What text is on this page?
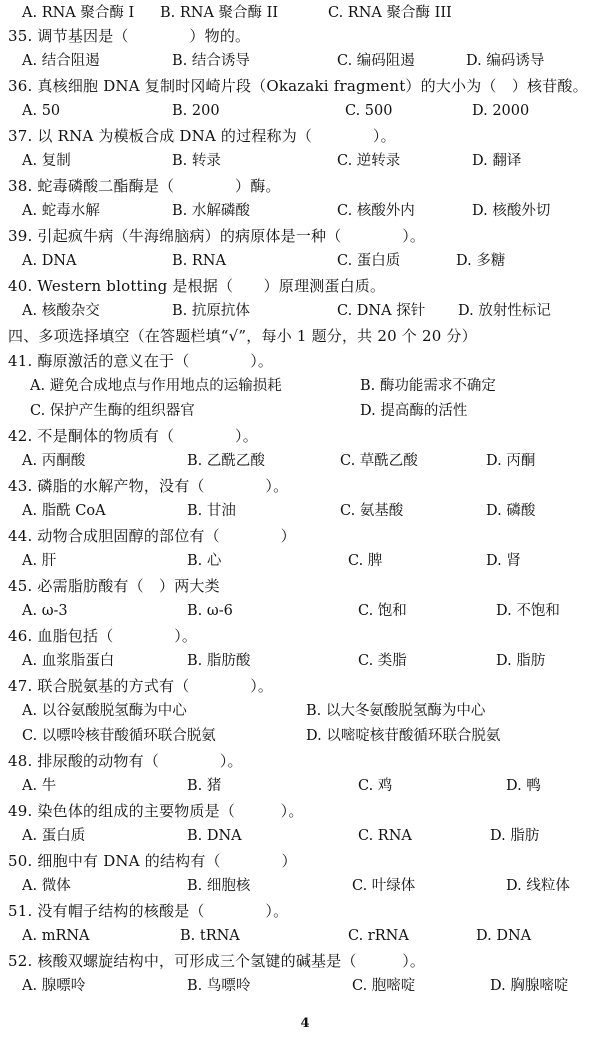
A. RNA 聚合酶 I B. RNA 聚合酶 II	C. RNA 聚合酶 III
35. 调节基因是（　　　　）物的。
A. 结合阻遏	B. 结合诱导	C. 编码阻遏	D. 编码诱导
36. 真核细胞 DNA 复制时冈崎片段（Okazaki fragment）的大小为（　）核苷酸。
A. 50	B. 200	C. 500	D. 2000
37. 以 RNA 为模板合成 DNA 的过程称为（　　　　）。
A. 复制	B. 转录	C. 逆转录	D. 翻译
38. 蛇毒磷酸二酯酶是（　　　　）酶。
A. 蛇毒水解	B. 水解磷酸	C. 核酸外内	D. 核酸外切
39. 引起疯牛病（牛海绵脑病）的病原体是一种（　　　　）。
A. DNA	B. RNA	C. 蛋白质	D. 多糖
40. Western blotting 是根据（　　）原理测蛋白质。
A. 核酸杂交	B. 抗原抗体	C. DNA 探针 D. 放射性标记
四、多项选择填空（在答题栏填“√”，每小 1 题分，共 20 个 20 分）
41. 酶原激活的意义在于（　　　　）。
A. 避免合成地点与作用地点的运输损耗	B. 酶功能需求不确定
C. 保护产生酶的组织器官	D. 提高酶的活性
42. 不是酮体的物质有（　　　　）。
A. 丙酮酸	B. 乙酰乙酸	C. 草酰乙酸	D. 丙酮
43. 磷脂的水解产物，没有（　　　　）。
A. 脂酰 CoA	B. 甘油	C. 氨基酸	D. 磷酸
44. 动物合成胆固醇的部位有（　　　　）
A. 肝	B. 心	C. 脾	D. 肾
45. 必需脂肪酸有（　）两大类
A. ω-3	B. ω-6	C. 饱和	D. 不饱和
46. 血脂包括（　　　　）。
A. 血浆脂蛋白	B. 脂肪酸	C. 类脂	D. 脂肪
47. 联合脱氨基的方式有（　　　　）。
A. 以谷氨酸脱氢酶为中心	B. 以大冬氨酸脱氢酶为中心
C. 以嘌呤核苷酸循环联合脱氨	D. 以嘧啶核苷酸循环联合脱氨
48. 排尿酸的动物有（　　　　）。
A. 牛	B. 猪	C. 鸡	D. 鸭
49. 染色体的组成的主要物质是（　　　）。
A. 蛋白质	B. DNA	C. RNA	D. 脂肪
50. 细胞中有 DNA 的结构有（　　　　）
A. 微体	B. 细胞核	C. 叶绿体	D. 线粒体
51. 没有帽子结构的核酸是（　　　　）。
A. mRNA	B. tRNA	C. rRNA	D. DNA
52. 核酸双螺旋结构中，可形成三个氢键的碱基是（　　　）。
A. 腺嘌呤	B. 鸟嘌呤	C. 胞嘧啶	D. 胸腺嘧啶
4
